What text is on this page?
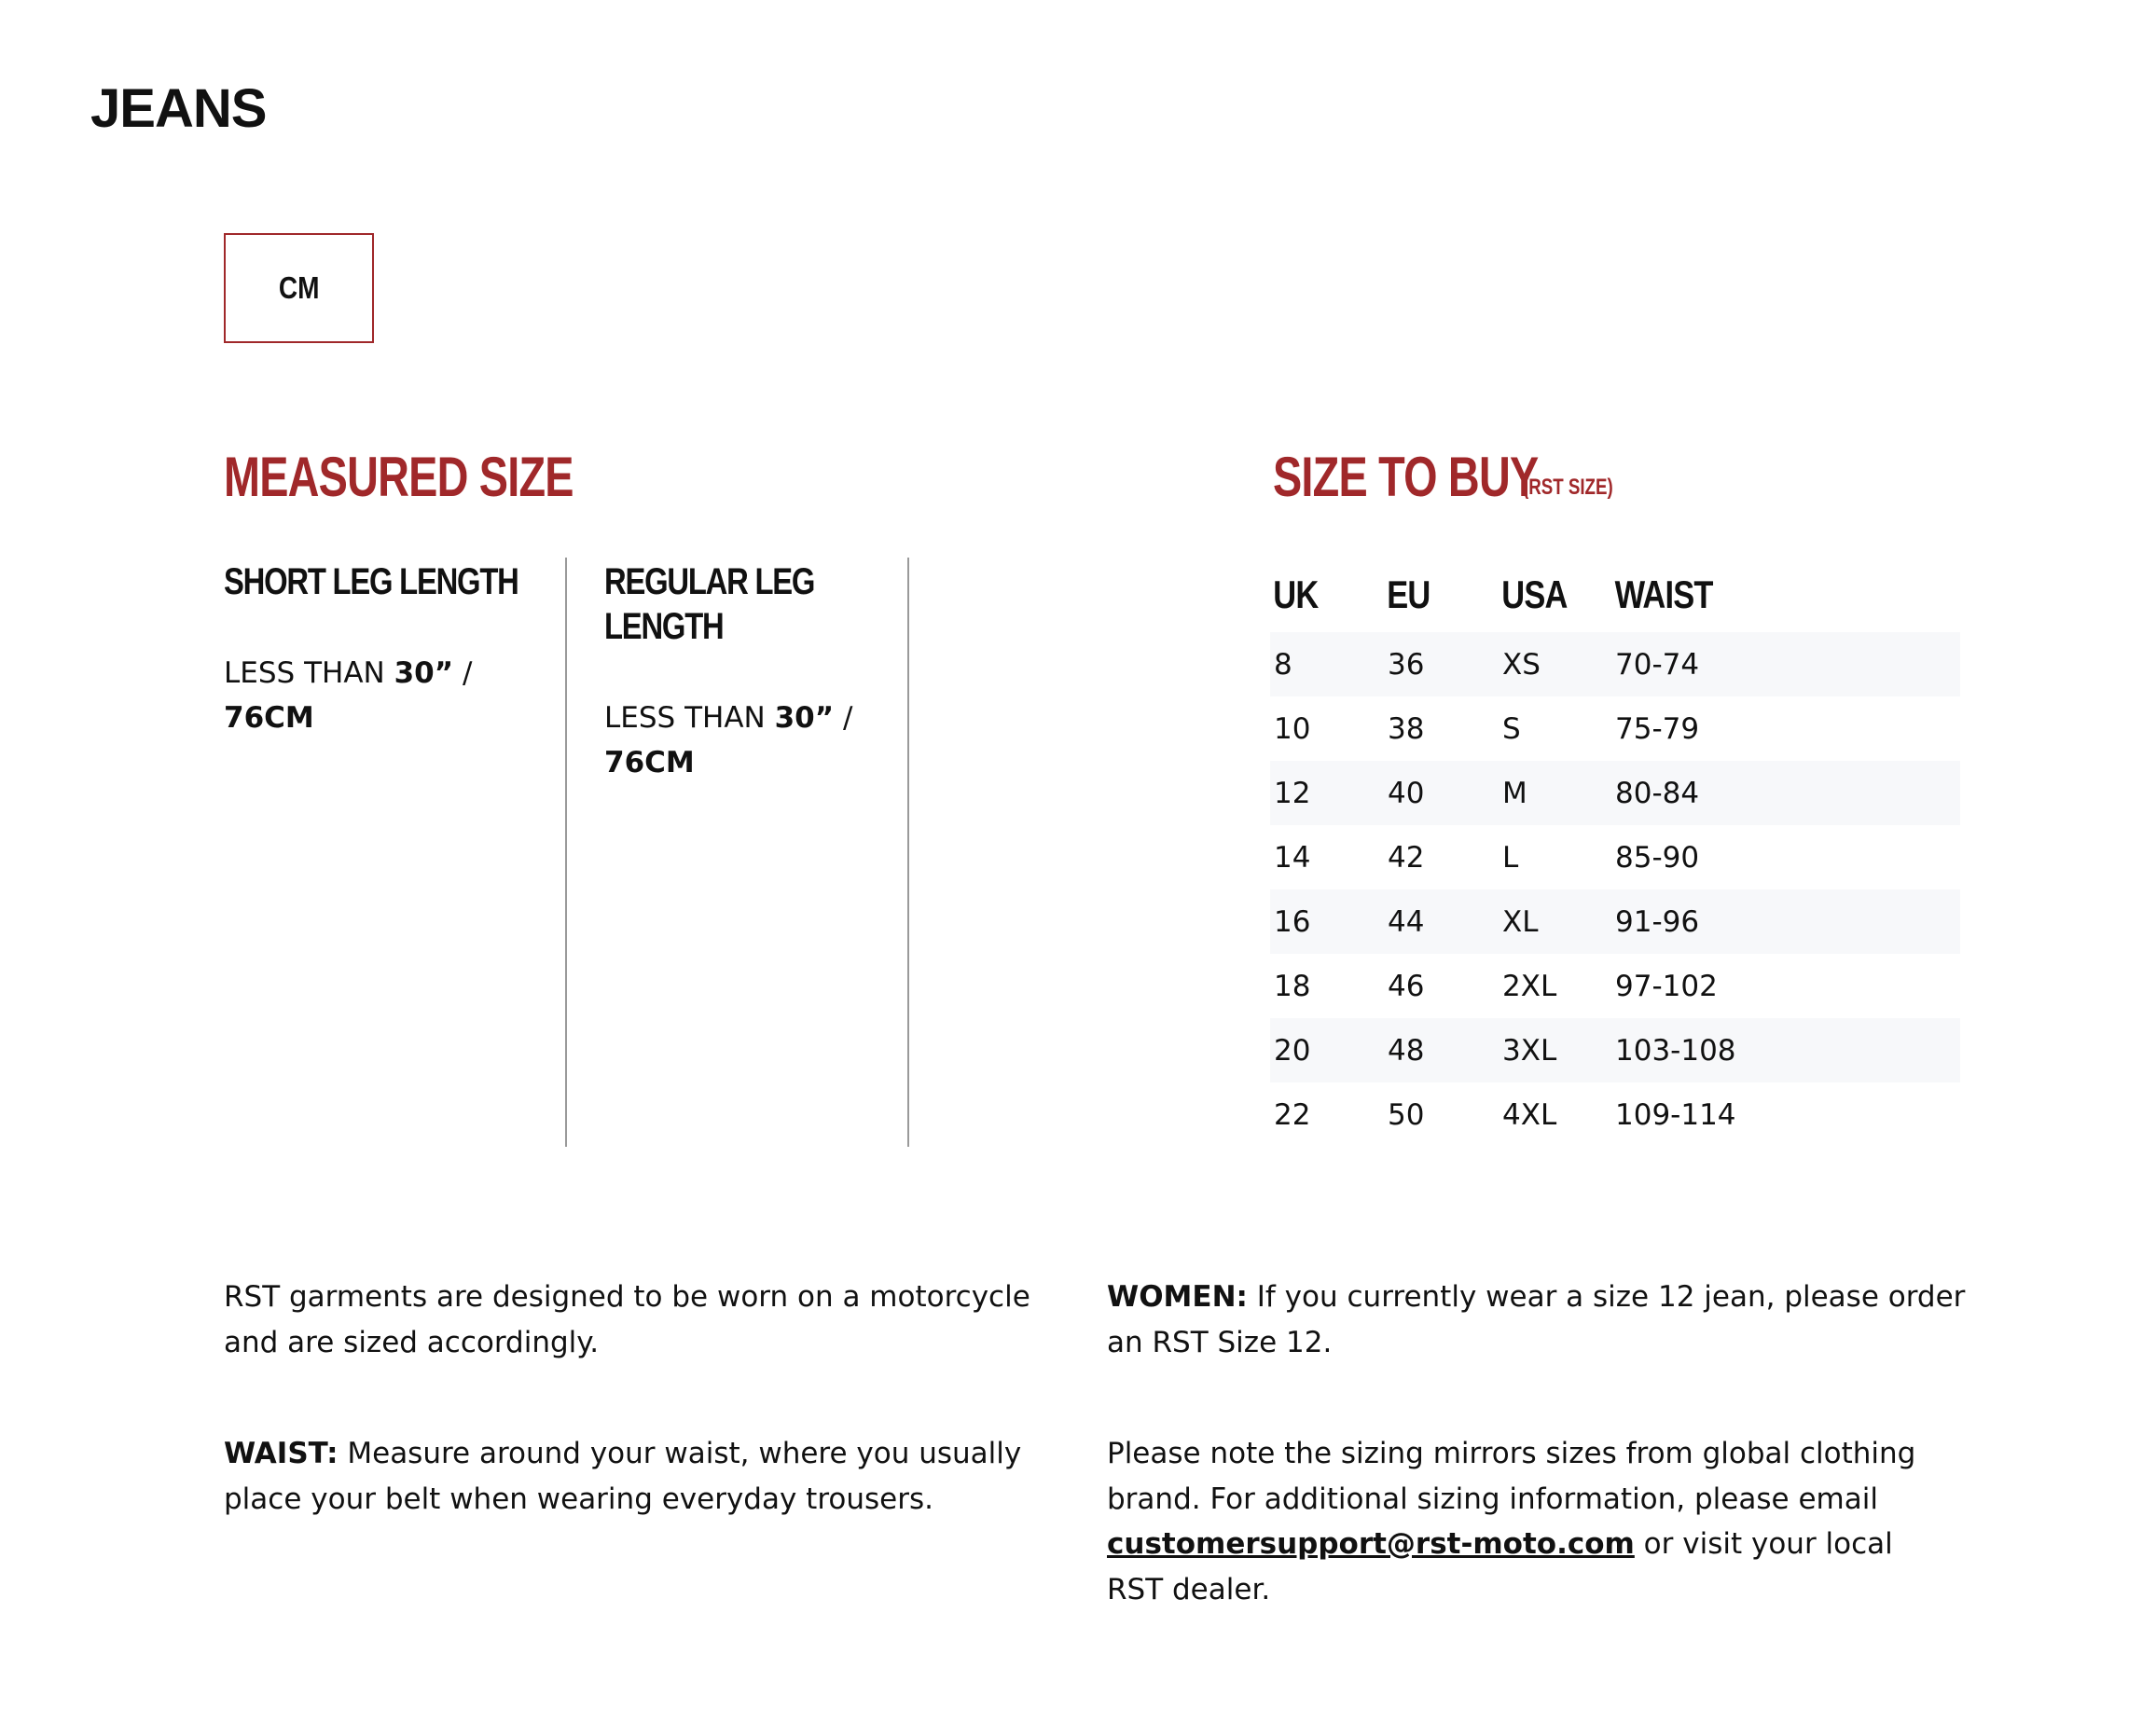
JEANS
CM
MEASURED SIZE
SHORT LEG LENGTH
LESS THAN 30” /
76CM
REGULAR LEG
LENGTH
LESS THAN 30” /
76CM
SIZE TO BUY
(RST SIZE)
UK	EU	USA	WAIST
8	36	XS	70-74
10	38	S	75-79
12	40	M	80-84
14	42	L	85-90
16	44	XL	91-96
18	46	2XL	97-102
20	48	3XL	103-108
22	50	4XL	109-114
RST garments are designed to be worn on a motorcycle and are sized accordingly.
WAIST: Measure around your waist, where you usually place your belt when wearing everyday trousers.
WOMEN: If you currently wear a size 12 jean, please order an RST Size 12.
Please note the sizing mirrors sizes from global clothing brand. For additional sizing information, please email customersupport@rst-moto.com or visit your local RST dealer.
